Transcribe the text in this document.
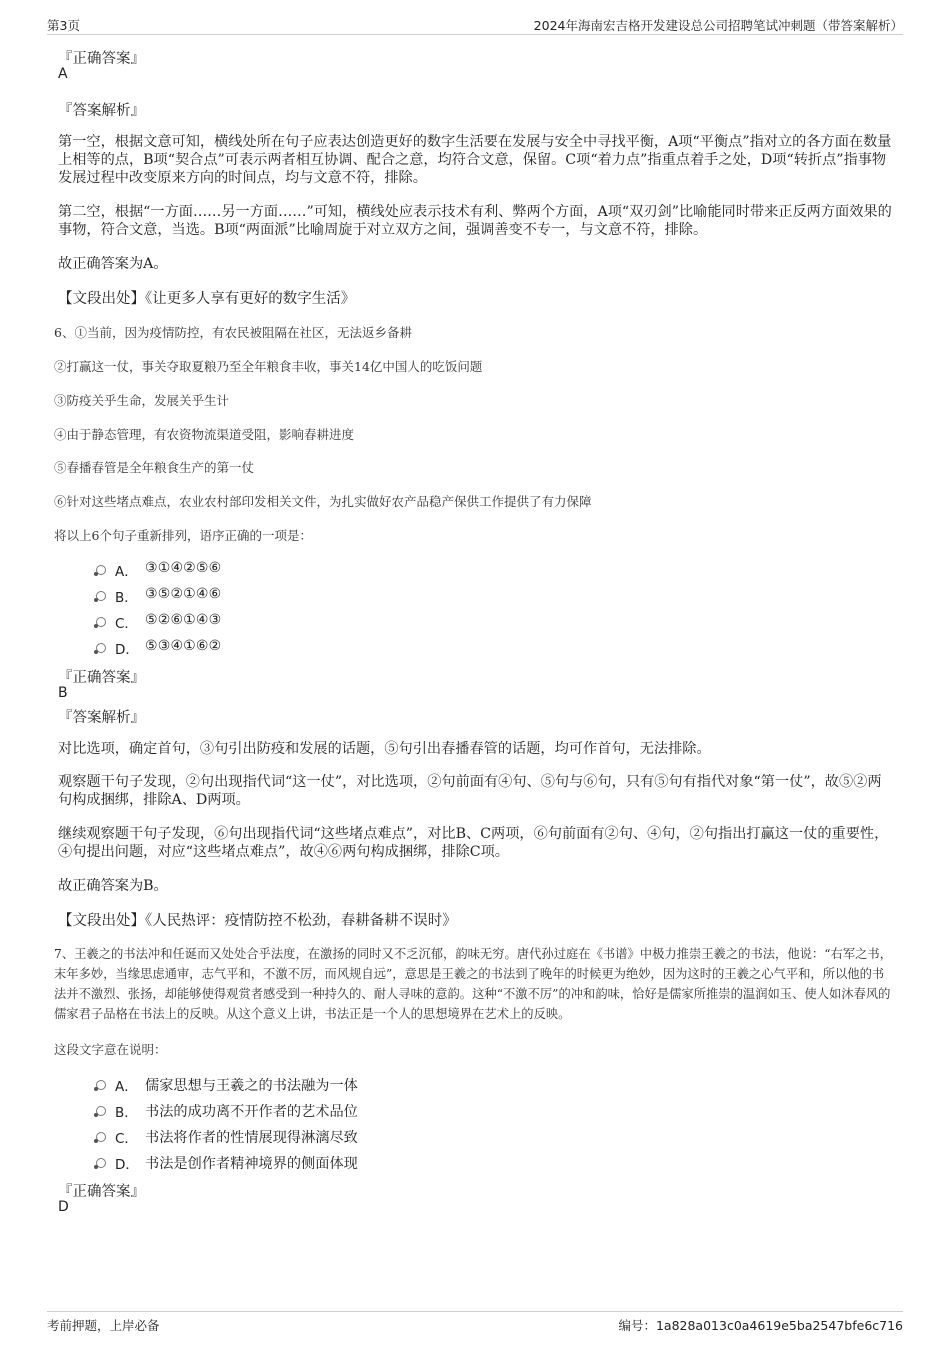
第3页	2024年海南宏吉格开发建设总公司招聘笔试冲刺题（带答案解析）
『正确答案』
A
『答案解析』
第一空，根据文意可知，横线处所在句子应表达创造更好的数字生活要在发展与安全中寻找平衡，A项“平衡点”指对立的各方面在数量上相等的点，B项“契合点”可表示两者相互协调、配合之意，均符合文意，保留。C项“着力点”指重点着手之处，D项“转折点”指事物发展过程中改变原来方向的时间点，均与文意不符，排除。
第二空，根据“一方面……另一方面……”可知，横线处应表示技术有利、弊两个方面，A项“双刃剑”比喻能同时带来正反两方面效果的事物，符合文意，当选。B项“两面派”比喻周旋于对立双方之间，强调善变不专一，与文意不符，排除。
故正确答案为A。
【文段出处】《让更多人享有更好的数字生活》
6、①当前，因为疫情防控，有农民被阻隔在社区，无法返乡备耕
②打赢这一仗，事关夺取夏粮乃至全年粮食丰收，事关14亿中国人的吃饭问题
③防疫关乎生命，发展关乎生计
④由于静态管理，有农资物流渠道受阻，影响春耕进度
⑤春播春管是全年粮食生产的第一仗
⑥针对这些堵点难点，农业农村部印发相关文件，为扎实做好农产品稳产保供工作提供了有力保障
将以上6个句子重新排列，语序正确的一项是：
A． ③①④②⑤⑥
B． ③⑤②①④⑥
C． ⑤②⑥①④③
D． ⑤③④①⑥②
『正确答案』
B
『答案解析』
对比选项，确定首句，③句引出防疫和发展的话题，⑤句引出春播春管的话题，均可作首句，无法排除。
观察题干句子发现，②句出现指代词“这一仗”，对比选项，②句前面有④句、⑤句与⑥句，只有⑤句有指代对象“第一仗”，故⑤②两句构成捆绑，排除A、D两项。
继续观察题干句子发现，⑥句出现指代词“这些堵点难点”，对比B、C两项，⑥句前面有②句、④句，②句指出打赢这一仗的重要性，④句提出问题，对应“这些堵点难点”，故④⑥两句构成捆绑，排除C项。
故正确答案为B。
【文段出处】《人民热评：疫情防控不松劲，春耕备耕不误时》
7、王羲之的书法冲和任诞而又处处合乎法度，在激扬的同时又不乏沉郁，韵味无穷。唐代孙过庭在《书谱》中极力推崇王羲之的书法，他说：“右军之书，末年多妙，当缘思虑通审，志气平和，不激不厉，而风规自远”，意思是王羲之的书法到了晚年的时候更为绝妙，因为这时的王羲之心气平和，所以他的书法并不激烈、张扬，却能够使得观赏者感受到一种持久的、耐人寻味的意韵。这种“不激不厉”的冲和韵味，恰好是儒家所推崇的温润如玉、使人如沐春风的儒家君子品格在书法上的反映。从这个意义上讲，书法正是一个人的思想境界在艺术上的反映。
这段文字意在说明：
A． 儒家思想与王羲之的书法融为一体
B． 书法的成功离不开作者的艺术品位
C． 书法将作者的性情展现得淋漓尽致
D． 书法是创作者精神境界的侧面体现
『正确答案』
D
考前押题，上岸必备	编号：1a828a013c0a4619e5ba2547bfe6c716
